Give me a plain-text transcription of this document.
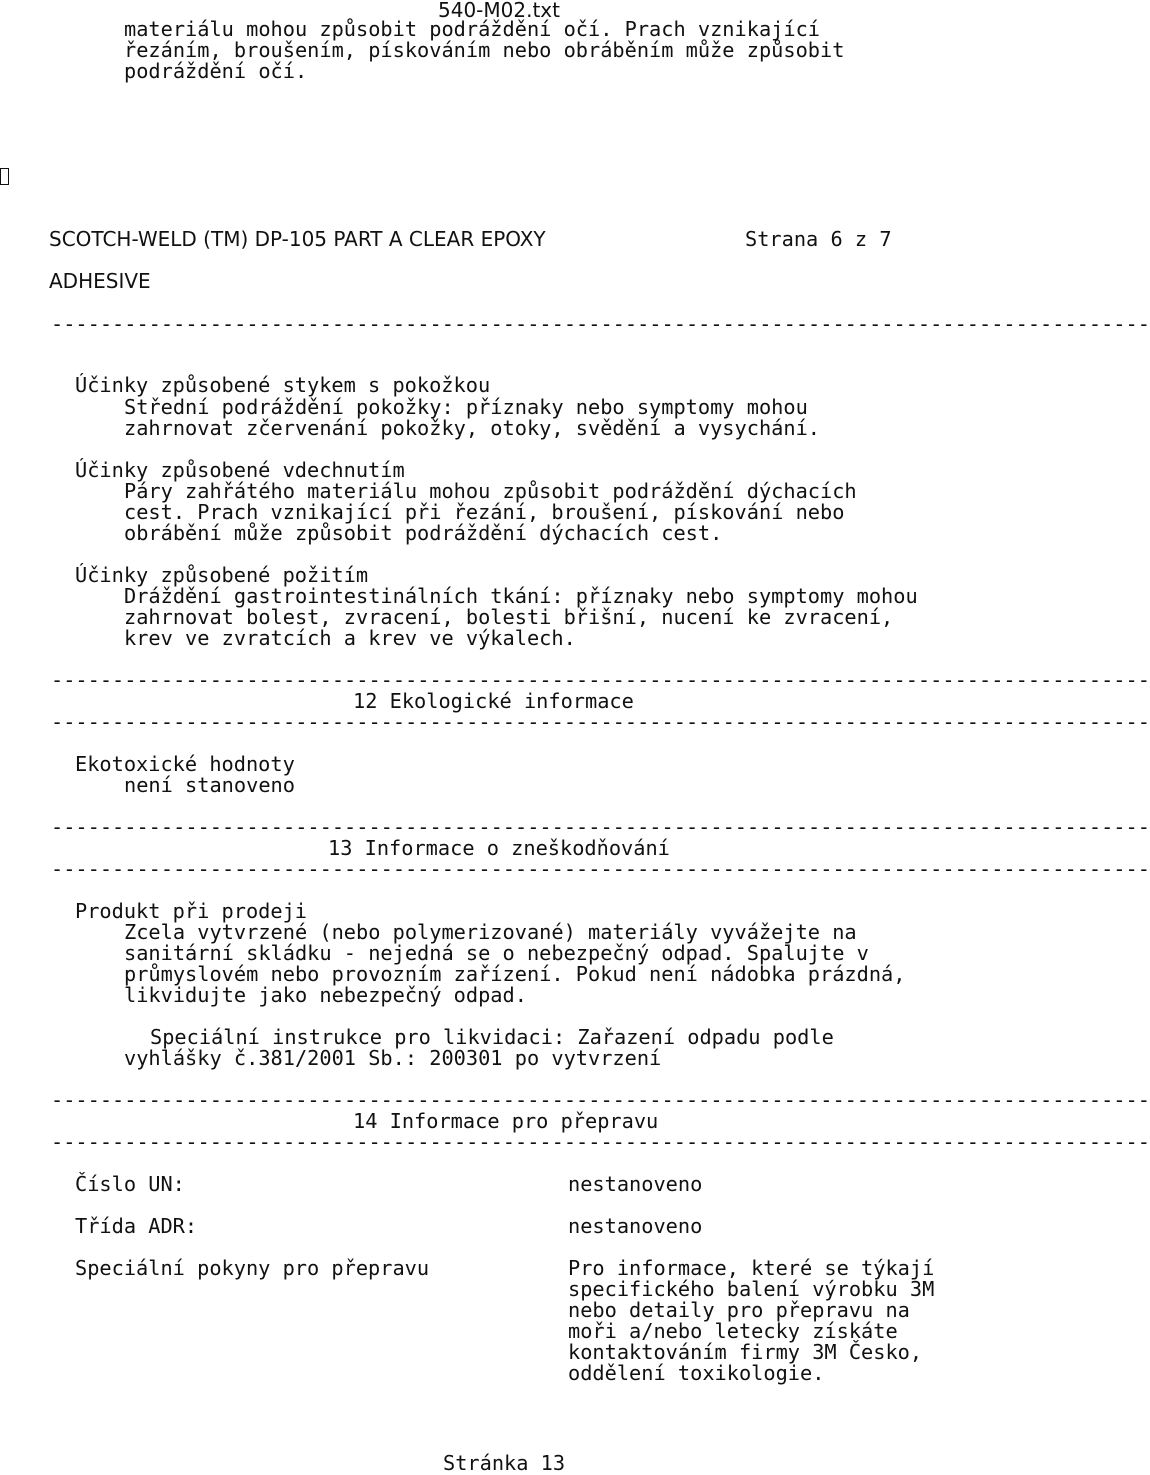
540-M02.txt
materiálu mohou způsobit podráždění očí. Prach vznikající
řezáním, broušením, pískováním nebo obráběním může způsobit
podráždění očí.
SCOTCH-WELD (TM) DP-105 PART A CLEAR EPOXY	Strana 6 z 7
ADHESIVE
------------------------------------------------------------------------------------------
Účinky způsobené stykem s pokožkou
Střední podráždění pokožky: příznaky nebo symptomy mohou
zahrnovat zčervenání pokožky, otoky, svědění a vysychání.
Účinky způsobené vdechnutím
Páry zahřátého materiálu mohou způsobit podráždění dýchacích
cest. Prach vznikající při řezání, broušení, pískování nebo
obrábění může způsobit podráždění dýchacích cest.
Účinky způsobené požitím
Dráždění gastrointestinálních tkání: příznaky nebo symptomy mohou
zahrnovat bolest, zvracení, bolesti břišní, nucení ke zvracení,
krev ve zvratcích a krev ve výkalech.
------------------------------------------------------------------------------------------
12 Ekologické informace
------------------------------------------------------------------------------------------
Ekotoxické hodnoty
není stanoveno
------------------------------------------------------------------------------------------
13 Informace o zneškodňování
------------------------------------------------------------------------------------------
Produkt při prodeji
Zcela vytvrzené (nebo polymerizované) materiály vyvážejte na
sanitární skládku - nejedná se o nebezpečný odpad. Spalujte v
průmyslovém nebo provozním zařízení. Pokud není nádobka prázdná,
likvidujte jako nebezpečný odpad.
Speciální instrukce pro likvidaci: Zařazení odpadu podle
vyhlášky č.381/2001 Sb.: 200301 po vytvrzení
------------------------------------------------------------------------------------------
14 Informace pro přepravu
------------------------------------------------------------------------------------------
Číslo UN:	nestanoveno
Třída ADR:	nestanoveno
Speciální pokyny pro přepravu	Pro informace, které se týkají
specifického balení výrobku 3M
nebo detaily pro přepravu na
moři a/nebo letecky získáte
kontaktováním firmy 3M Česko,
oddělení toxikologie.
Stránka 13
